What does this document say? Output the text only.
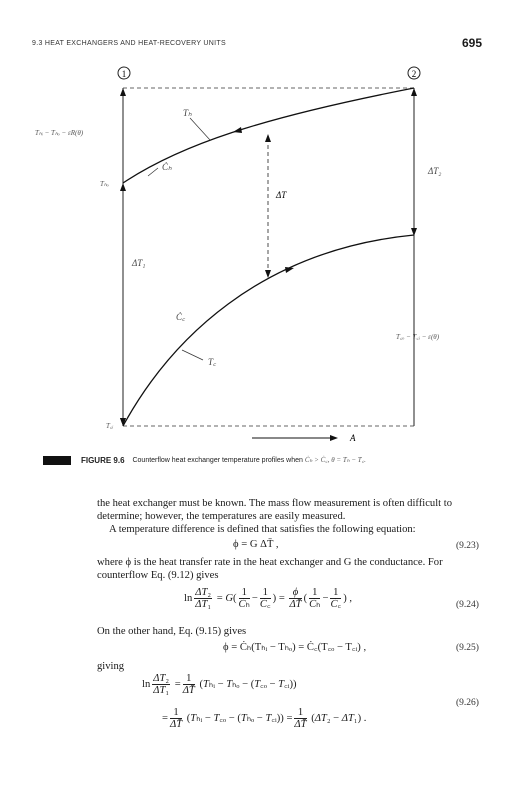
9.3 HEAT EXCHANGERS AND HEAT-RECOVERY UNITS	695
1	2
ΔT
ΔT₂
ΔT₁
Tₕ
Ċₕ
T꜀
Ċ꜀
Tₕₒ
T꜀ᵢ
Tₕᵢ − Tₕₒ − εR(θ)
T꜀ₒ − T꜀ᵢ − ε(θ)
A
FIGURE 9.6 Counterflow heat exchanger temperature profiles when Ċₕ > Ċ꜀, θ = Tₕ − T꜀.
the heat exchanger must be known. The mass flow measurement is often difficult to determine; however, the temperatures are easily measured.
A temperature difference is defined that satisfies the following equation:
ϕ = G ΔT̄ ,	(9.23)
where ϕ is the heat transfer rate in the heat exchanger and G the conductance. For counterflow Eq. (9.12) gives
$\ln \frac{\text{ΔT₂}}{\text{ΔT₁}} = G( \frac{1}{\text{Ċₕ}} - \frac{1}{Ċ꜀}$ ) = $\frac{\phi}{\Delta T̄}$ ( $\frac{1}{\text{Ċₕ}} - \frac{1}{Ċ꜀}$ ) ,
(9.24)
On the other hand, Eq. (9.15) gives
ϕ = Ċₕ(Tₕᵢ − Tₕₒ) = Ċ꜀(T꜀ₒ − T꜀ᵢ) ,	(9.25)
giving
$\ln \frac{\text{ΔT₂}}{\text{ΔT₁}} = \frac{1}{\Delta T̄}$ (Tₕᵢ − Tₕₒ − (T꜀ₒ − T꜀ᵢ))
(9.26)
= $\frac{1}{\Delta T̄}$ (Tₕᵢ − T꜀ₒ − (Tₕₒ − T꜀ᵢ)) = $\frac{1}{\Delta T̄} (\Delta T_2 - \Delta T_1)$ .
